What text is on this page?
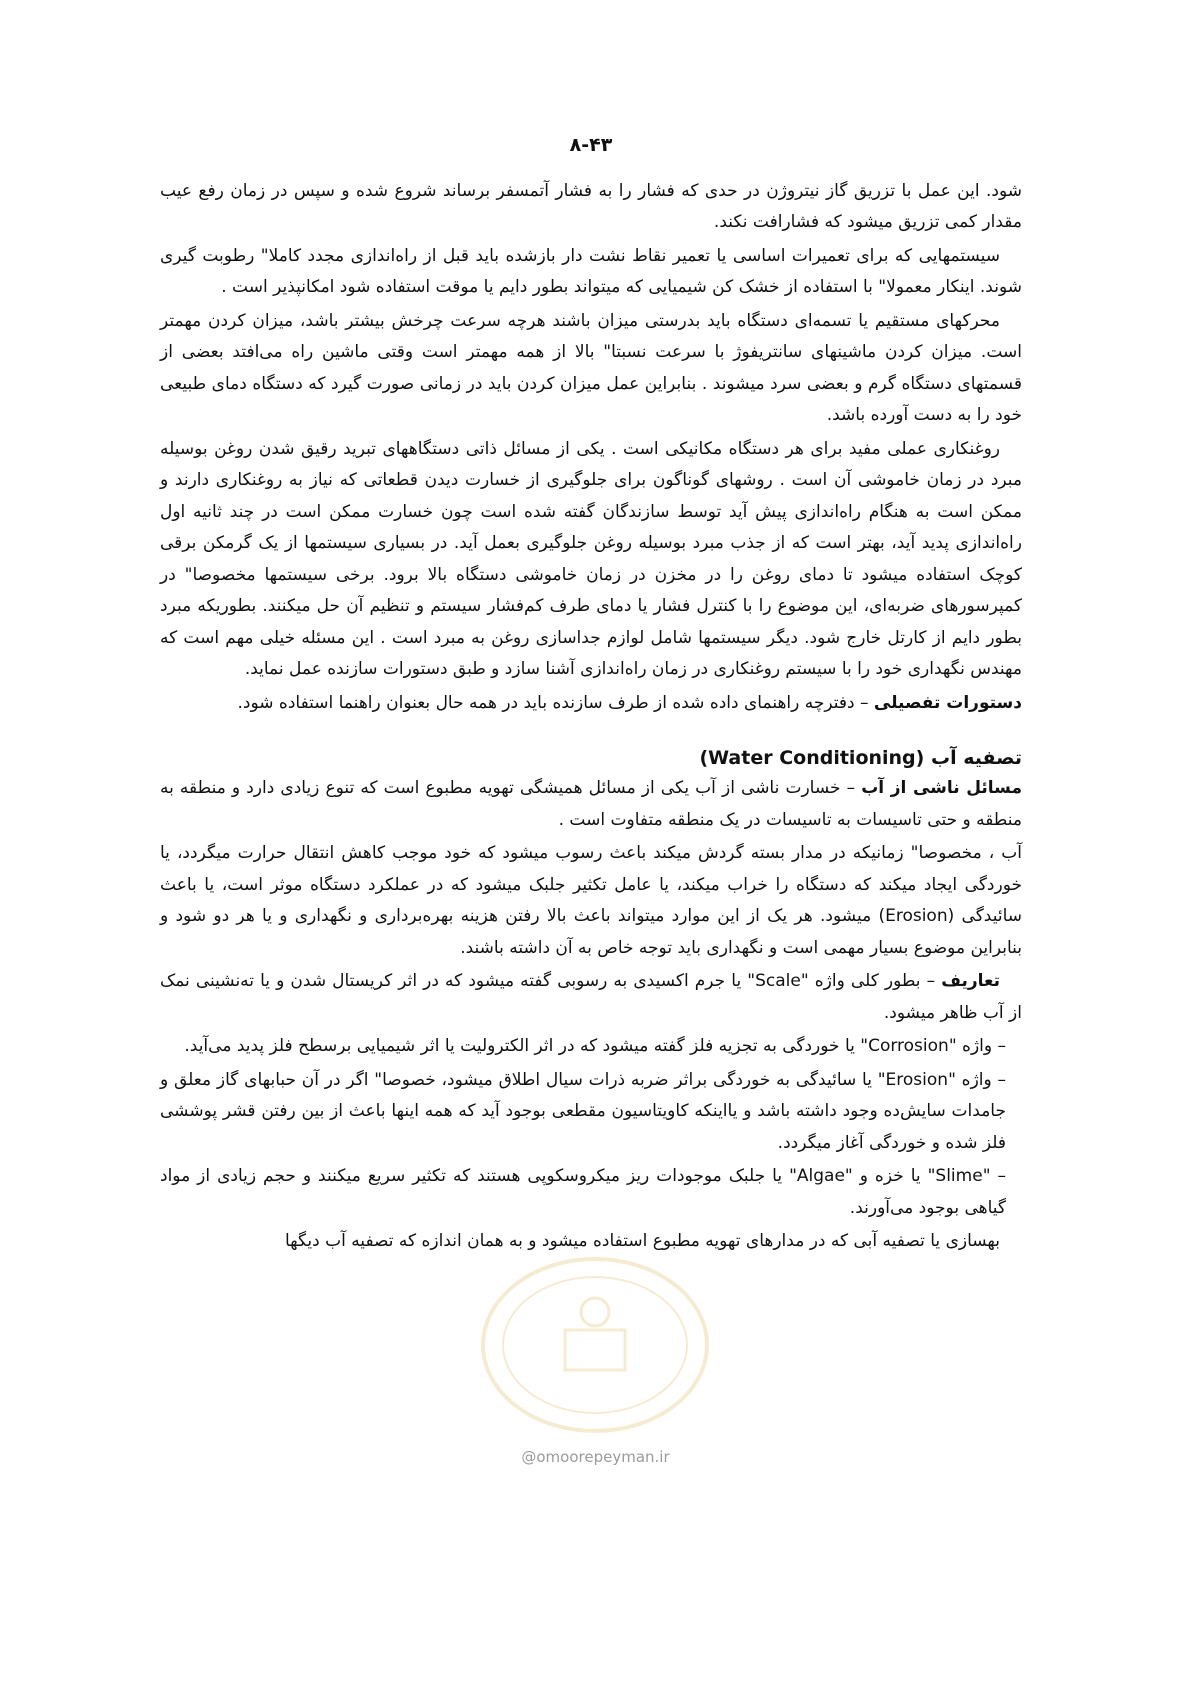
۸-۴۳

شود. این عمل با تزریق گاز نیتروژن در حدی که فشار را به فشار آتمسفر برساند شروع شده و سپس در زمان رفع عیب مقدار کمی تزریق میشود که فشارافت نکند.

سیستمهایی که برای تعمیرات اساسی یا تعمیر نقاط نشت دار بازشده باید قبل از راه‌اندازی مجدد کاملا" رطوبت گیری شوند. اینکار معمولا" با استفاده از خشک کن شیمیایی که میتواند بطور دایم یا موقت استفاده شود امکانپذیر است .

محرکهای مستقیم یا تسمه‌ای دستگاه باید بدرستی میزان باشند هرچه سرعت چرخش بیشتر باشد، میزان کردن مهمتر است. میزان کردن ماشینهای سانتریفوژ با سرعت نسبتا" بالا از همه مهمتر است وقتی ماشین راه می‌افتد بعضی از قسمتهای دستگاه گرم و بعضی سرد میشوند . بنابراین عمل میزان کردن باید در زمانی صورت گیرد که دستگاه دمای طبیعی خود را به دست آورده باشد.

روغنکاری عملی مفید برای هر دستگاه مکانیکی است . یکی از مسائل ذاتی دستگاههای تبرید رقیق شدن روغن بوسیله مبرد در زمان خاموشی آن است . روشهای گوناگون برای جلوگیری از خسارت دیدن قطعاتی که نیاز به روغنکاری دارند و ممکن است به هنگام راه‌اندازی پیش آید توسط سازندگان گفته شده است چون خسارت ممکن است در چند ثانیه اول راه‌اندازی پدید آید، بهتر است که از جذب مبرد بوسیله روغن جلوگیری بعمل آید. در بسیاری سیستمها از یک گرمکن برقی کوچک استفاده میشود تا دمای روغن را در مخزن در زمان خاموشی دستگاه بالا برود. برخی سیستمها مخصوصا" در کمپرسورهای ضربه‌ای، این موضوع را با کنترل فشار یا دمای طرف کم‌فشار سیستم و تنظیم آن حل میکنند. بطوریکه مبرد بطور دایم از کارتل خارج شود. دیگر سیستمها شامل لوازم جداسازی روغن به مبرد است . این مسئله خیلی مهم است که مهندس نگهداری خود را با سیستم روغنکاری در زمان راه‌اندازی آشنا سازد و طبق دستورات سازنده عمل نماید.

دستورات تفصیلی – دفترچه راهنمای داده شده از طرف سازنده باید در همه حال بعنوان راهنما استفاده شود.

تصفیه آب (Water Conditioning)

مسائل ناشی از آب – خسارت ناشی از آب یکی از مسائل همیشگی تهویه مطبوع است که تنوع زیادی دارد و منطقه به منطقه و حتی تاسیسات به تاسیسات در یک منطقه متفاوت است .

آب ، مخصوصا" زمانیکه در مدار بسته گردش میکند باعث رسوب میشود که خود موجب کاهش انتقال حرارت میگردد، یا خوردگی ایجاد میکند که دستگاه را خراب میکند، یا عامل تکثیر جلبک میشود که در عملکرد دستگاه موثر است، یا باعث سائیدگی (Erosion) میشود. هر یک از این موارد میتواند باعث بالا رفتن هزینه بهره‌برداری و نگهداری و یا هر دو شود و بنابراین موضوع بسیار مهمی است و نگهداری باید توجه خاص به آن داشته باشند.

تعاریف – بطور کلی واژه "Scale" یا جرم اکسیدی به رسوبی گفته میشود که در اثر کریستال شدن و یا ته‌نشینی نمک از آب ظاهر میشود.

– واژه "Corrosion" یا خوردگی به تجزیه فلز گفته میشود که در اثر الکترولیت یا اثر شیمیایی برسطح فلز پدید می‌آید.

– واژه "Erosion" یا سائیدگی به خوردگی براثر ضربه ذرات سیال اطلاق میشود، خصوصا" اگر در آن حبابهای گاز معلق و جامدات سایش‌ده وجود داشته باشد و یااینکه کاویتاسیون مقطعی بوجود آید که همه اینها باعث از بین رفتن قشر پوششی فلز شده و خوردگی آغاز میگردد.

– "Slime" یا خزه و "Algae" یا جلبک موجودات ریز میکروسکوپی هستند که تکثیر سریع میکنند و حجم زیادی از مواد گیاهی بوجود می‌آورند.

بهسازی یا تصفیه آبی که در مدارهای تهویه مطبوع استفاده میشود و به همان اندازه که تصفیه آب دیگها

@omoorepeyman.ir
